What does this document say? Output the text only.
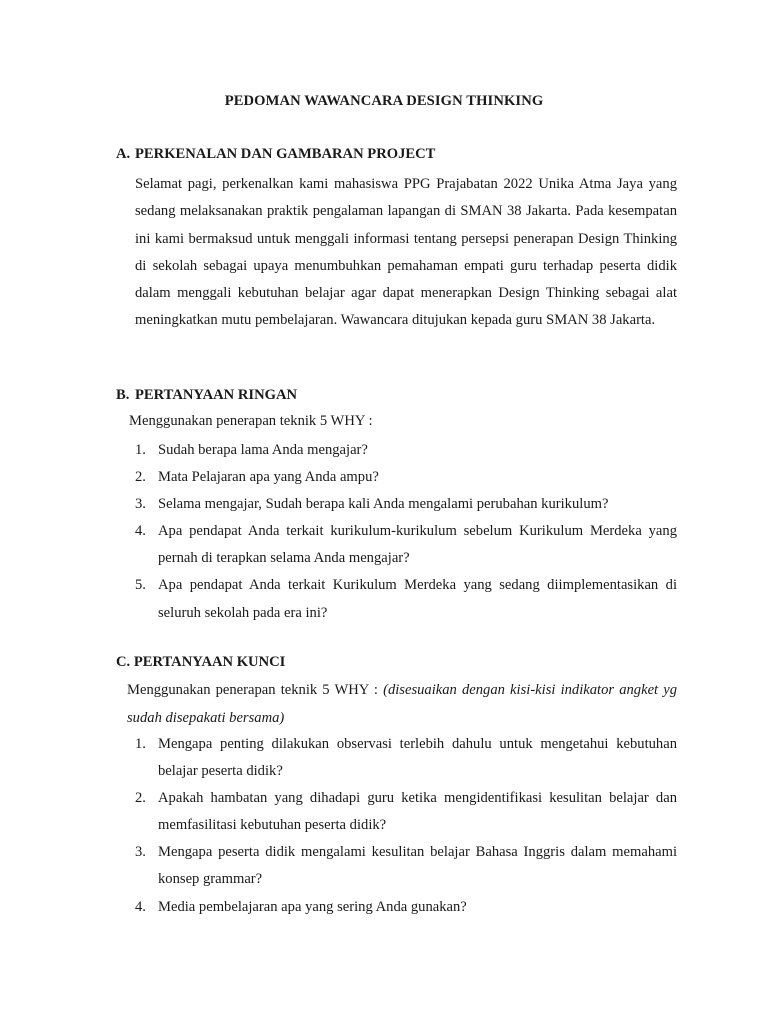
PEDOMAN WAWANCARA DESIGN THINKING
A. PERKENALAN DAN GAMBARAN PROJECT
Selamat pagi, perkenalkan kami mahasiswa PPG Prajabatan 2022 Unika Atma Jaya yang sedang melaksanakan praktik pengalaman lapangan di SMAN 38 Jakarta. Pada kesempatan ini kami bermaksud untuk menggali informasi tentang persepsi penerapan Design Thinking di sekolah sebagai upaya menumbuhkan pemahaman empati guru terhadap peserta didik dalam menggali kebutuhan belajar agar dapat menerapkan Design Thinking sebagai alat meningkatkan mutu pembelajaran. Wawancara ditujukan kepada guru SMAN 38 Jakarta.
B. PERTANYAAN RINGAN
Menggunakan penerapan teknik 5 WHY :
1. Sudah berapa lama Anda mengajar?
2. Mata Pelajaran apa yang Anda ampu?
3. Selama mengajar, Sudah berapa kali Anda mengalami perubahan kurikulum?
4. Apa pendapat Anda terkait kurikulum-kurikulum sebelum Kurikulum Merdeka yang pernah di terapkan selama Anda mengajar?
5. Apa pendapat Anda terkait Kurikulum Merdeka yang sedang diimplementasikan di seluruh sekolah pada era ini?
C. PERTANYAAN KUNCI
Menggunakan penerapan teknik 5 WHY : (disesuaikan dengan kisi-kisi indikator angket yg sudah disepakati bersama)
1. Mengapa penting dilakukan observasi terlebih dahulu untuk mengetahui kebutuhan belajar peserta didik?
2. Apakah hambatan yang dihadapi guru ketika mengidentifikasi kesulitan belajar dan memfasilitasi kebutuhan peserta didik?
3. Mengapa peserta didik mengalami kesulitan belajar Bahasa Inggris dalam memahami konsep grammar?
4. Media pembelajaran apa yang sering Anda gunakan?
